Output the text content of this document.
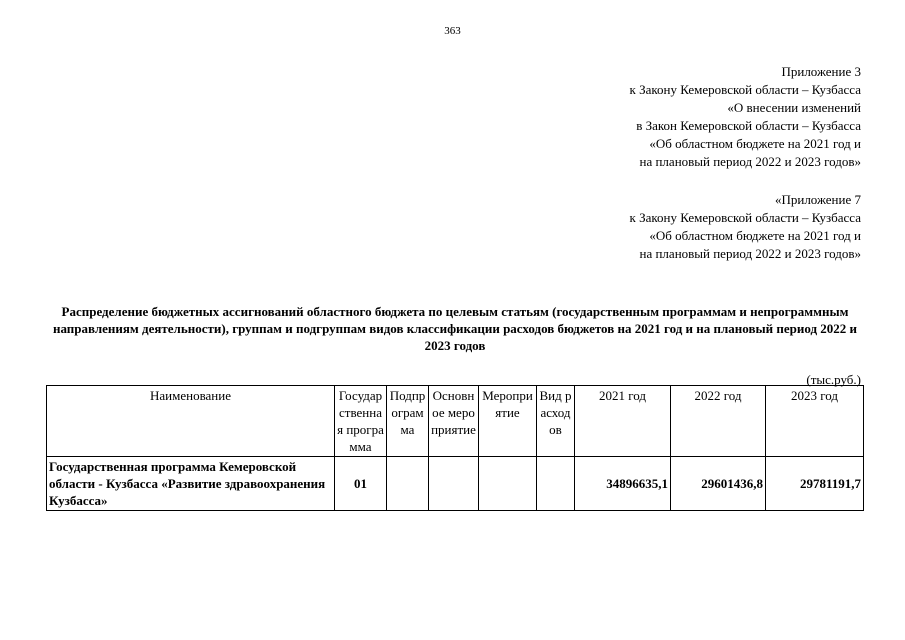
363
Приложение 3
к Закону Кемеровской области – Кузбасса
«О внесении изменений
в Закон Кемеровской области – Кузбасса
«Об областном бюджете на 2021 год и
на плановый период 2022 и 2023 годов»
«Приложение 7
к Закону Кемеровской области – Кузбасса
«Об областном бюджете на 2021 год и
на плановый период 2022 и 2023 годов»
Распределение бюджетных ассигнований областного бюджета по целевым статьям (государственным программам и непрограммным направлениям деятельности), группам и подгруппам видов классификации расходов бюджетов на 2021 год и на плановый период 2022 и 2023 годов
(тыс.руб.)
Наименование	Государственная программа	Подпрограмма	Основное мероприятие	Мероприятие	Вид расходов	2021 год	2022 год	2023 год
Государственная программа Кемеровской области - Кузбасса «Развитие здравоохранения Кузбасса»	01					34896635,1	29601436,8	29781191,7
